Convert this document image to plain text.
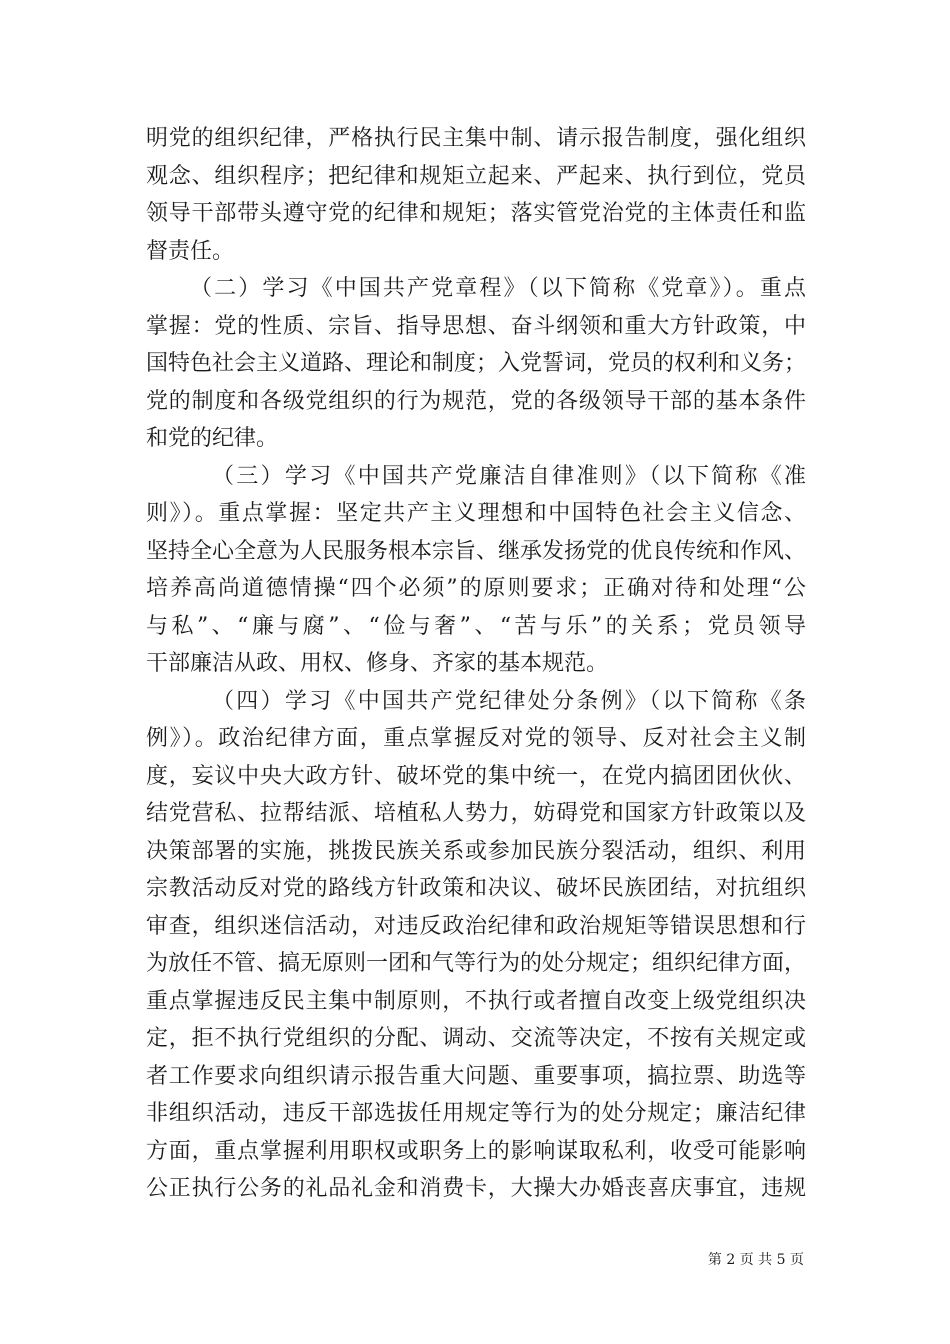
明党的组织纪律，严格执行民主集中制、请示报告制度，强化组织
观念、组织程序；把纪律和规矩立起来、严起来、执行到位，党员
领导干部带头遵守党的纪律和规矩；落实管党治党的主体责任和监
督责任。
（二）学习《中国共产党章程》（以下简称《党章》）。重点
掌握：党的性质、宗旨、指导思想、奋斗纲领和重大方针政策，中
国特色社会主义道路、理论和制度；入党誓词，党员的权利和义务；
党的制度和各级党组织的行为规范，党的各级领导干部的基本条件
和党的纪律。
（三）学习《中国共产党廉洁自律准则》（以下简称《准
则》）。重点掌握：坚定共产主义理想和中国特色社会主义信念、
坚持全心全意为人民服务根本宗旨、继承发扬党的优良传统和作风、
培养高尚道德情操“四个必须”的原则要求；正确对待和处理“公
与私”、“廉与腐”、“俭与奢”、“苦与乐”的关系；党员领导
干部廉洁从政、用权、修身、齐家的基本规范。
（四）学习《中国共产党纪律处分条例》（以下简称《条
例》）。政治纪律方面，重点掌握反对党的领导、反对社会主义制
度，妄议中央大政方针、破坏党的集中统一，在党内搞团团伙伙、
结党营私、拉帮结派、培植私人势力，妨碍党和国家方针政策以及
决策部署的实施，挑拨民族关系或参加民族分裂活动，组织、利用
宗教活动反对党的路线方针政策和决议、破坏民族团结，对抗组织
审查，组织迷信活动，对违反政治纪律和政治规矩等错误思想和行
为放任不管、搞无原则一团和气等行为的处分规定；组织纪律方面，
重点掌握违反民主集中制原则，不执行或者擅自改变上级党组织决
定，拒不执行党组织的分配、调动、交流等决定，不按有关规定或
者工作要求向组织请示报告重大问题、重要事项，搞拉票、助选等
非组织活动，违反干部选拔任用规定等行为的处分规定；廉洁纪律
方面，重点掌握利用职权或职务上的影响谋取私利，收受可能影响
公正执行公务的礼品礼金和消费卡，大操大办婚丧喜庆事宜，违规
第 2 页 共 5 页
